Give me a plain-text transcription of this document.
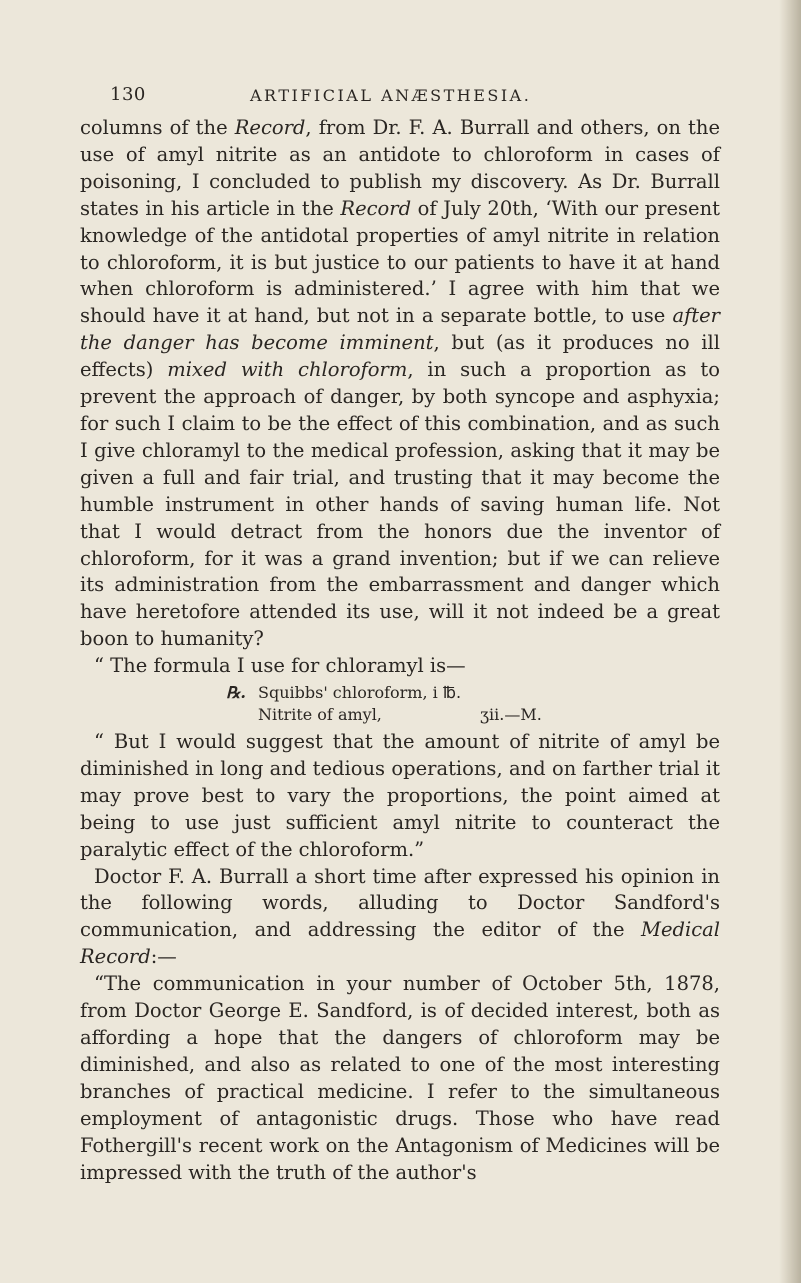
130	ARTIFICIAL ANÆSTHESIA.

columns of the Record, from Dr. F. A. Burrall and others, on the use of amyl nitrite as an antidote to chloroform in cases of poisoning, I concluded to publish my discovery. As Dr. Burrall states in his article in the Record of July 20th, ‘With our present knowledge of the antidotal properties of amyl nitrite in relation to chloroform, it is but justice to our patients to have it at hand when chloroform is administered.’ I agree with him that we should have it at hand, but not in a separate bottle, to use after the danger has become imminent, but (as it produces no ill effects) mixed with chloroform, in such a proportion as to prevent the approach of danger, by both syncope and asphyxia; for such I claim to be the effect of this combination, and as such I give chloramyl to the medical profession, asking that it may be given a full and fair trial, and trusting that it may become the humble instrument in other hands of saving human life. Not that I would detract from the honors due the inventor of chloroform, for it was a grand invention; but if we can relieve its administration from the embarrassment and danger which have heretofore attended its use, will it not indeed be a great boon to humanity?

“ The formula I use for chloramyl is—

℞. Squibbs' chloroform, i ℔.
Nitrite of amyl,	ʒii.—M.

“ But I would suggest that the amount of nitrite of amyl be diminished in long and tedious operations, and on farther trial it may prove best to vary the proportions, the point aimed at being to use just sufficient amyl nitrite to counteract the paralytic effect of the chloroform.”

Doctor F. A. Burrall a short time after expressed his opinion in the following words, alluding to Doctor Sandford's communication, and addressing the editor of the Medical Record:—

“The communication in your number of October 5th, 1878, from Doctor George E. Sandford, is of decided interest, both as affording a hope that the dangers of chloroform may be diminished, and also as related to one of the most interesting branches of practical medicine. I refer to the simultaneous employment of antagonistic drugs. Those who have read Fothergill's recent work on the Antagonism of Medicines will be impressed with the truth of the author's
